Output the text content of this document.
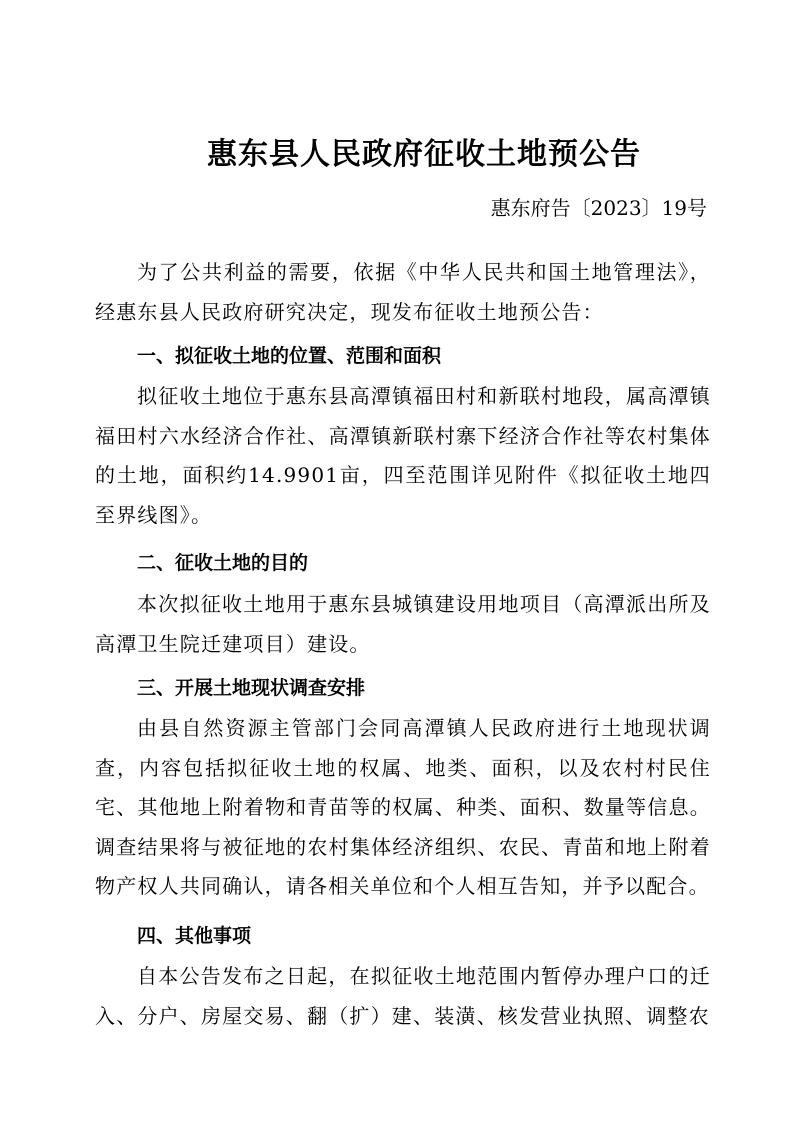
惠东县人民政府征收土地预公告
惠东府告〔2023〕19号

为了公共利益的需要，依据《中华人民共和国土地管理法》，经惠东县人民政府研究决定，现发布征收土地预公告：

一、拟征收土地的位置、范围和面积

拟征收土地位于惠东县高潭镇福田村和新联村地段，属高潭镇福田村六水经济合作社、高潭镇新联村寨下经济合作社等农村集体的土地，面积约14.9901亩，四至范围详见附件《拟征收土地四至界线图》。

二、征收土地的目的

本次拟征收土地用于惠东县城镇建设用地项目（高潭派出所及高潭卫生院迁建项目）建设。

三、开展土地现状调查安排

由县自然资源主管部门会同高潭镇人民政府进行土地现状调查，内容包括拟征收土地的权属、地类、面积，以及农村村民住宅、其他地上附着物和青苗等的权属、种类、面积、数量等信息。调查结果将与被征地的农村集体经济组织、农民、青苗和地上附着物产权人共同确认，请各相关单位和个人相互告知，并予以配合。

四、其他事项

自本公告发布之日起，在拟征收土地范围内暂停办理户口的迁入、分户、房屋交易、翻（扩）建、装潢、核发营业执照、调整农
